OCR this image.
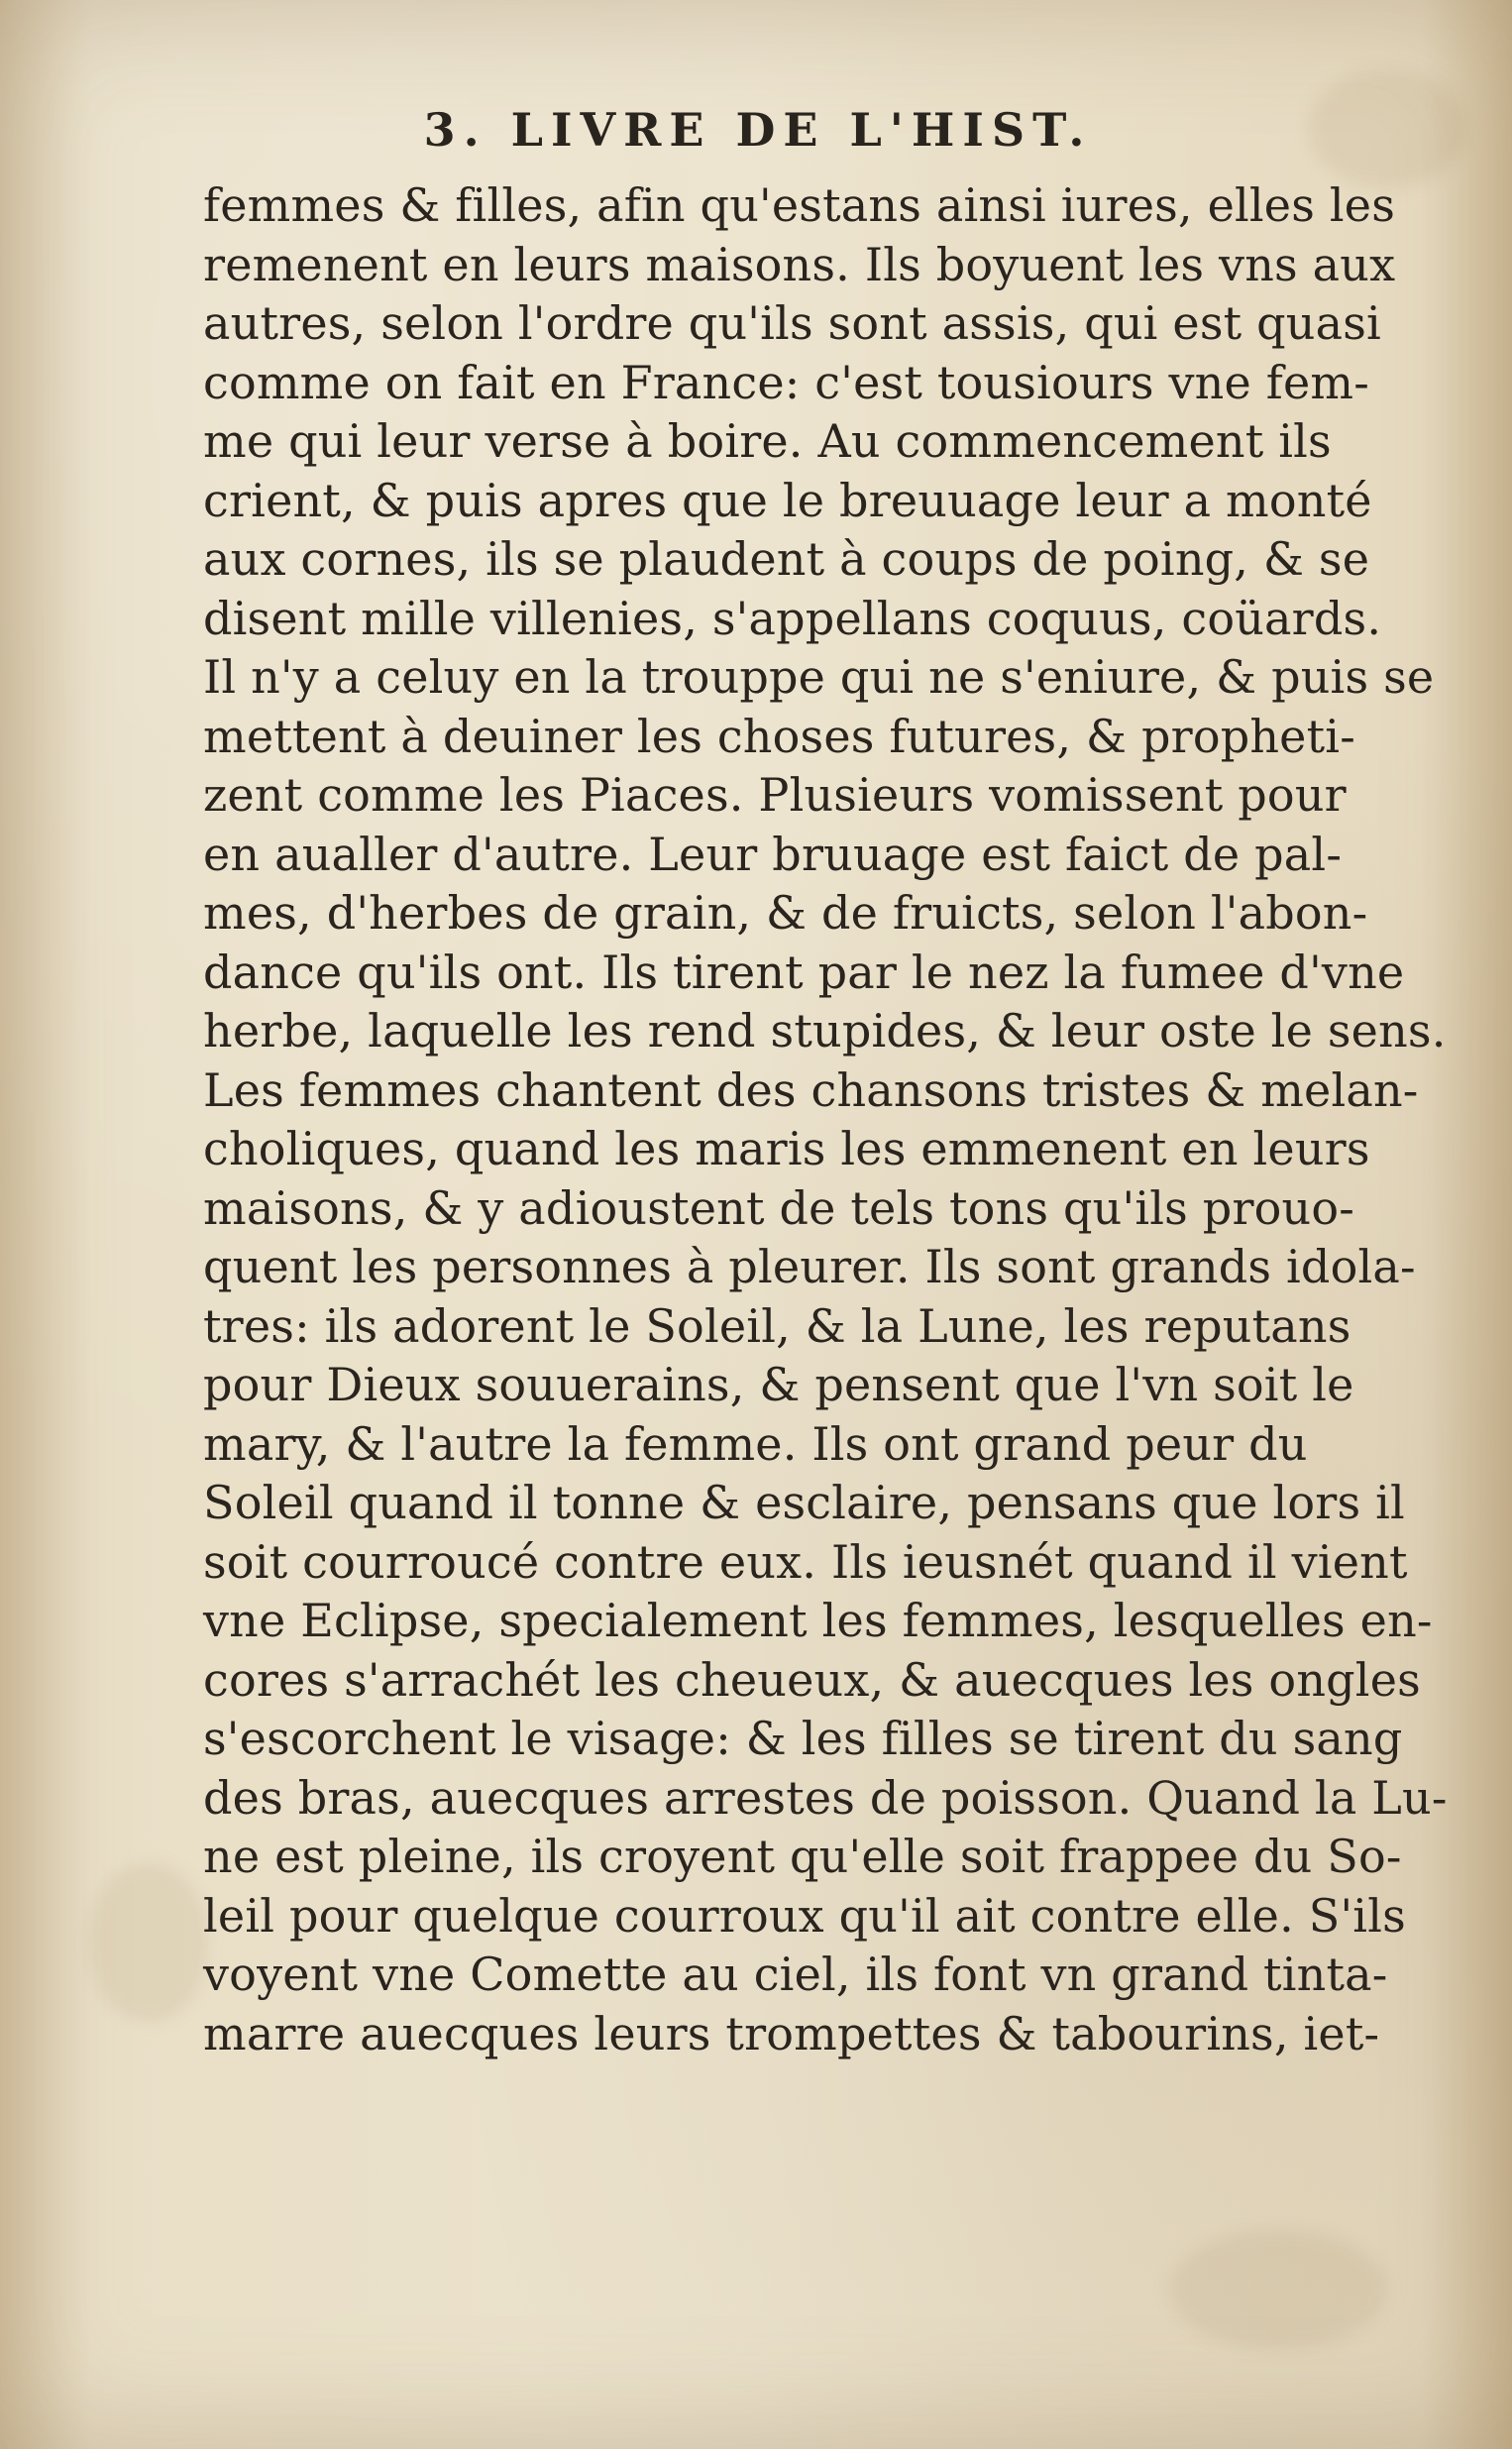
3. LIVRE DE L'HIST.
femmes & filles, afin qu'estans ainsi iures, elles les
remenent en leurs maisons. Ils boyuent les vns aux
autres, selon l'ordre qu'ils sont assis, qui est quasi
comme on fait en France: c'est tousiours vne fem-
me qui leur verse à boire. Au commencement ils
crient, & puis apres que le breuuage leur a monté
aux cornes, ils se plaudent à coups de poing, & se
disent mille villenies, s'appellans coquus, coüards.
Il n'y a celuy en la trouppe qui ne s'eniure, & puis se
mettent à deuiner les choses futures, & propheti-
zent comme les Piaces. Plusieurs vomissent pour
en aualler d'autre. Leur bruuage est faict de pal-
mes, d'herbes de grain, & de fruicts, selon l'abon-
dance qu'ils ont. Ils tirent par le nez la fumee d'vne
herbe, laquelle les rend stupides, & leur oste le sens.
Les femmes chantent des chansons tristes & melan-
choliques, quand les maris les emmenent en leurs
maisons, & y adioustent de tels tons qu'ils prouo-
quent les personnes à pleurer. Ils sont grands idola-
tres: ils adorent le Soleil, & la Lune, les reputans
pour Dieux souuerains, & pensent que l'vn soit le
mary, & l'autre la femme. Ils ont grand peur du
Soleil quand il tonne & esclaire, pensans que lors il
soit courroucé contre eux. Ils ieusnét quand il vient
vne Eclipse, specialement les femmes, lesquelles en-
cores s'arrachét les cheueux, & auecques les ongles
s'escorchent le visage: & les filles se tirent du sang
des bras, auecques arrestes de poisson. Quand la Lu-
ne est pleine, ils croyent qu'elle soit frappee du So-
leil pour quelque courroux qu'il ait contre elle. S'ils
voyent vne Comette au ciel, ils font vn grand tinta-
marre auecques leurs trompettes & tabourins, iet-
